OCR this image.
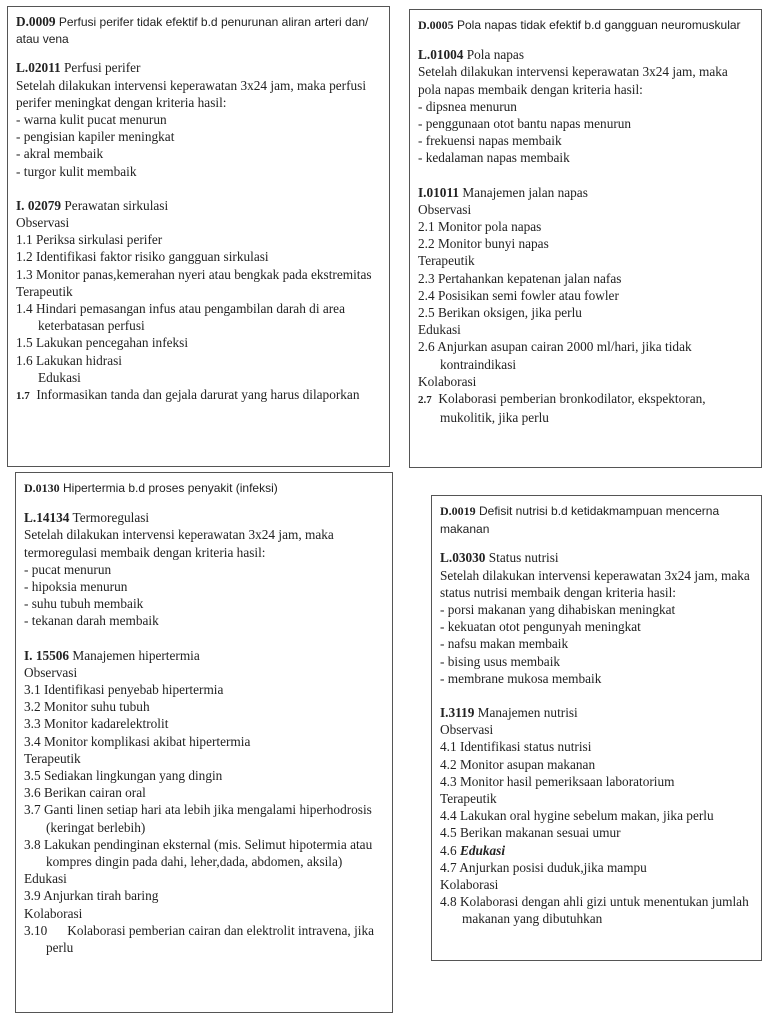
D.0009 Perfusi perifer tidak efektif b.d penurunan aliran arteri dan/ atau vena
L.02011 Perfusi perifer
Setelah dilakukan intervensi keperawatan 3x24 jam, maka perfusi perifer meningkat dengan kriteria hasil:
- warna kulit pucat menurun
- pengisian kapiler meningkat
- akral membaik
- turgor kulit membaik
I. 02079 Perawatan sirkulasi
Observasi
1.1 Periksa sirkulasi perifer
1.2 Identifikasi faktor risiko gangguan sirkulasi
1.3 Monitor panas,kemerahan nyeri atau bengkak pada ekstremitas
Terapeutik
1.4 Hindari pemasangan infus atau pengambilan darah di area keterbatasan perfusi
1.5 Lakukan pencegahan infeksi
1.6 Lakukan hidrasi
Edukasi
1.7 Informasikan tanda dan gejala darurat yang harus dilaporkan
D.0005 Pola napas tidak efektif b.d gangguan neuromuskular
L.01004 Pola napas
Setelah dilakukan intervensi keperawatan 3x24 jam, maka pola napas membaik dengan kriteria hasil:
- dipsnea menurun
- penggunaan otot bantu napas menurun
- frekuensi napas membaik
- kedalaman napas membaik
I.01011 Manajemen jalan napas
Observasi
2.1 Monitor pola napas
2.2 Monitor bunyi napas
Terapeutik
2.3 Pertahankan kepatenan jalan nafas
2.4 Posisikan semi fowler atau fowler
2.5 Berikan oksigen, jika perlu
Edukasi
2.6 Anjurkan asupan cairan 2000 ml/hari, jika tidak kontraindikasi
Kolaborasi
2.7 Kolaborasi pemberian bronkodilator, ekspektoran, mukolitik, jika perlu
D.0130 Hipertermia b.d proses penyakit (infeksi)
L.14134 Termoregulasi
Setelah dilakukan intervensi keperawatan 3x24 jam, maka termoregulasi membaik dengan kriteria hasil:
- pucat menurun
- hipoksia menurun
- suhu tubuh membaik
- tekanan darah membaik
I. 15506 Manajemen hipertermia
Observasi
3.1 Identifikasi penyebab hipertermia
3.2 Monitor suhu tubuh
3.3 Monitor kadarelektrolit
3.4 Monitor komplikasi akibat hipertermia
Terapeutik
3.5 Sediakan lingkungan yang dingin
3.6 Berikan cairan oral
3.7 Ganti linen setiap hari ata lebih jika mengalami hiperhodrosis (keringat berlebih)
3.8 Lakukan pendinginan eksternal (mis. Selimut hipotermia atau kompres dingin pada dahi, leher,dada, abdomen, aksila)
Edukasi
3.9 Anjurkan tirah baring
Kolaborasi
3.10      Kolaborasi pemberian cairan dan elektrolit intravena, jika perlu
D.0019 Defisit nutrisi b.d ketidakmampuan mencerna makanan
L.03030 Status nutrisi
Setelah dilakukan intervensi keperawatan 3x24 jam, maka status nutrisi membaik dengan kriteria hasil:
- porsi makanan yang dihabiskan meningkat
- kekuatan otot pengunyah meningkat
- nafsu makan membaik
- bising usus membaik
- membrane mukosa membaik
I.3119 Manajemen nutrisi
Observasi
4.1 Identifikasi status nutrisi
4.2 Monitor asupan makanan
4.3 Monitor hasil pemeriksaan laboratorium
Terapeutik
4.4 Lakukan oral hygine sebelum makan, jika perlu
4.5 Berikan makanan sesuai umur
4.6 Edukasi
4.7 Anjurkan posisi duduk,jika mampu
Kolaborasi
4.8 Kolaborasi dengan ahli gizi untuk menentukan jumlah makanan yang dibutuhkan
